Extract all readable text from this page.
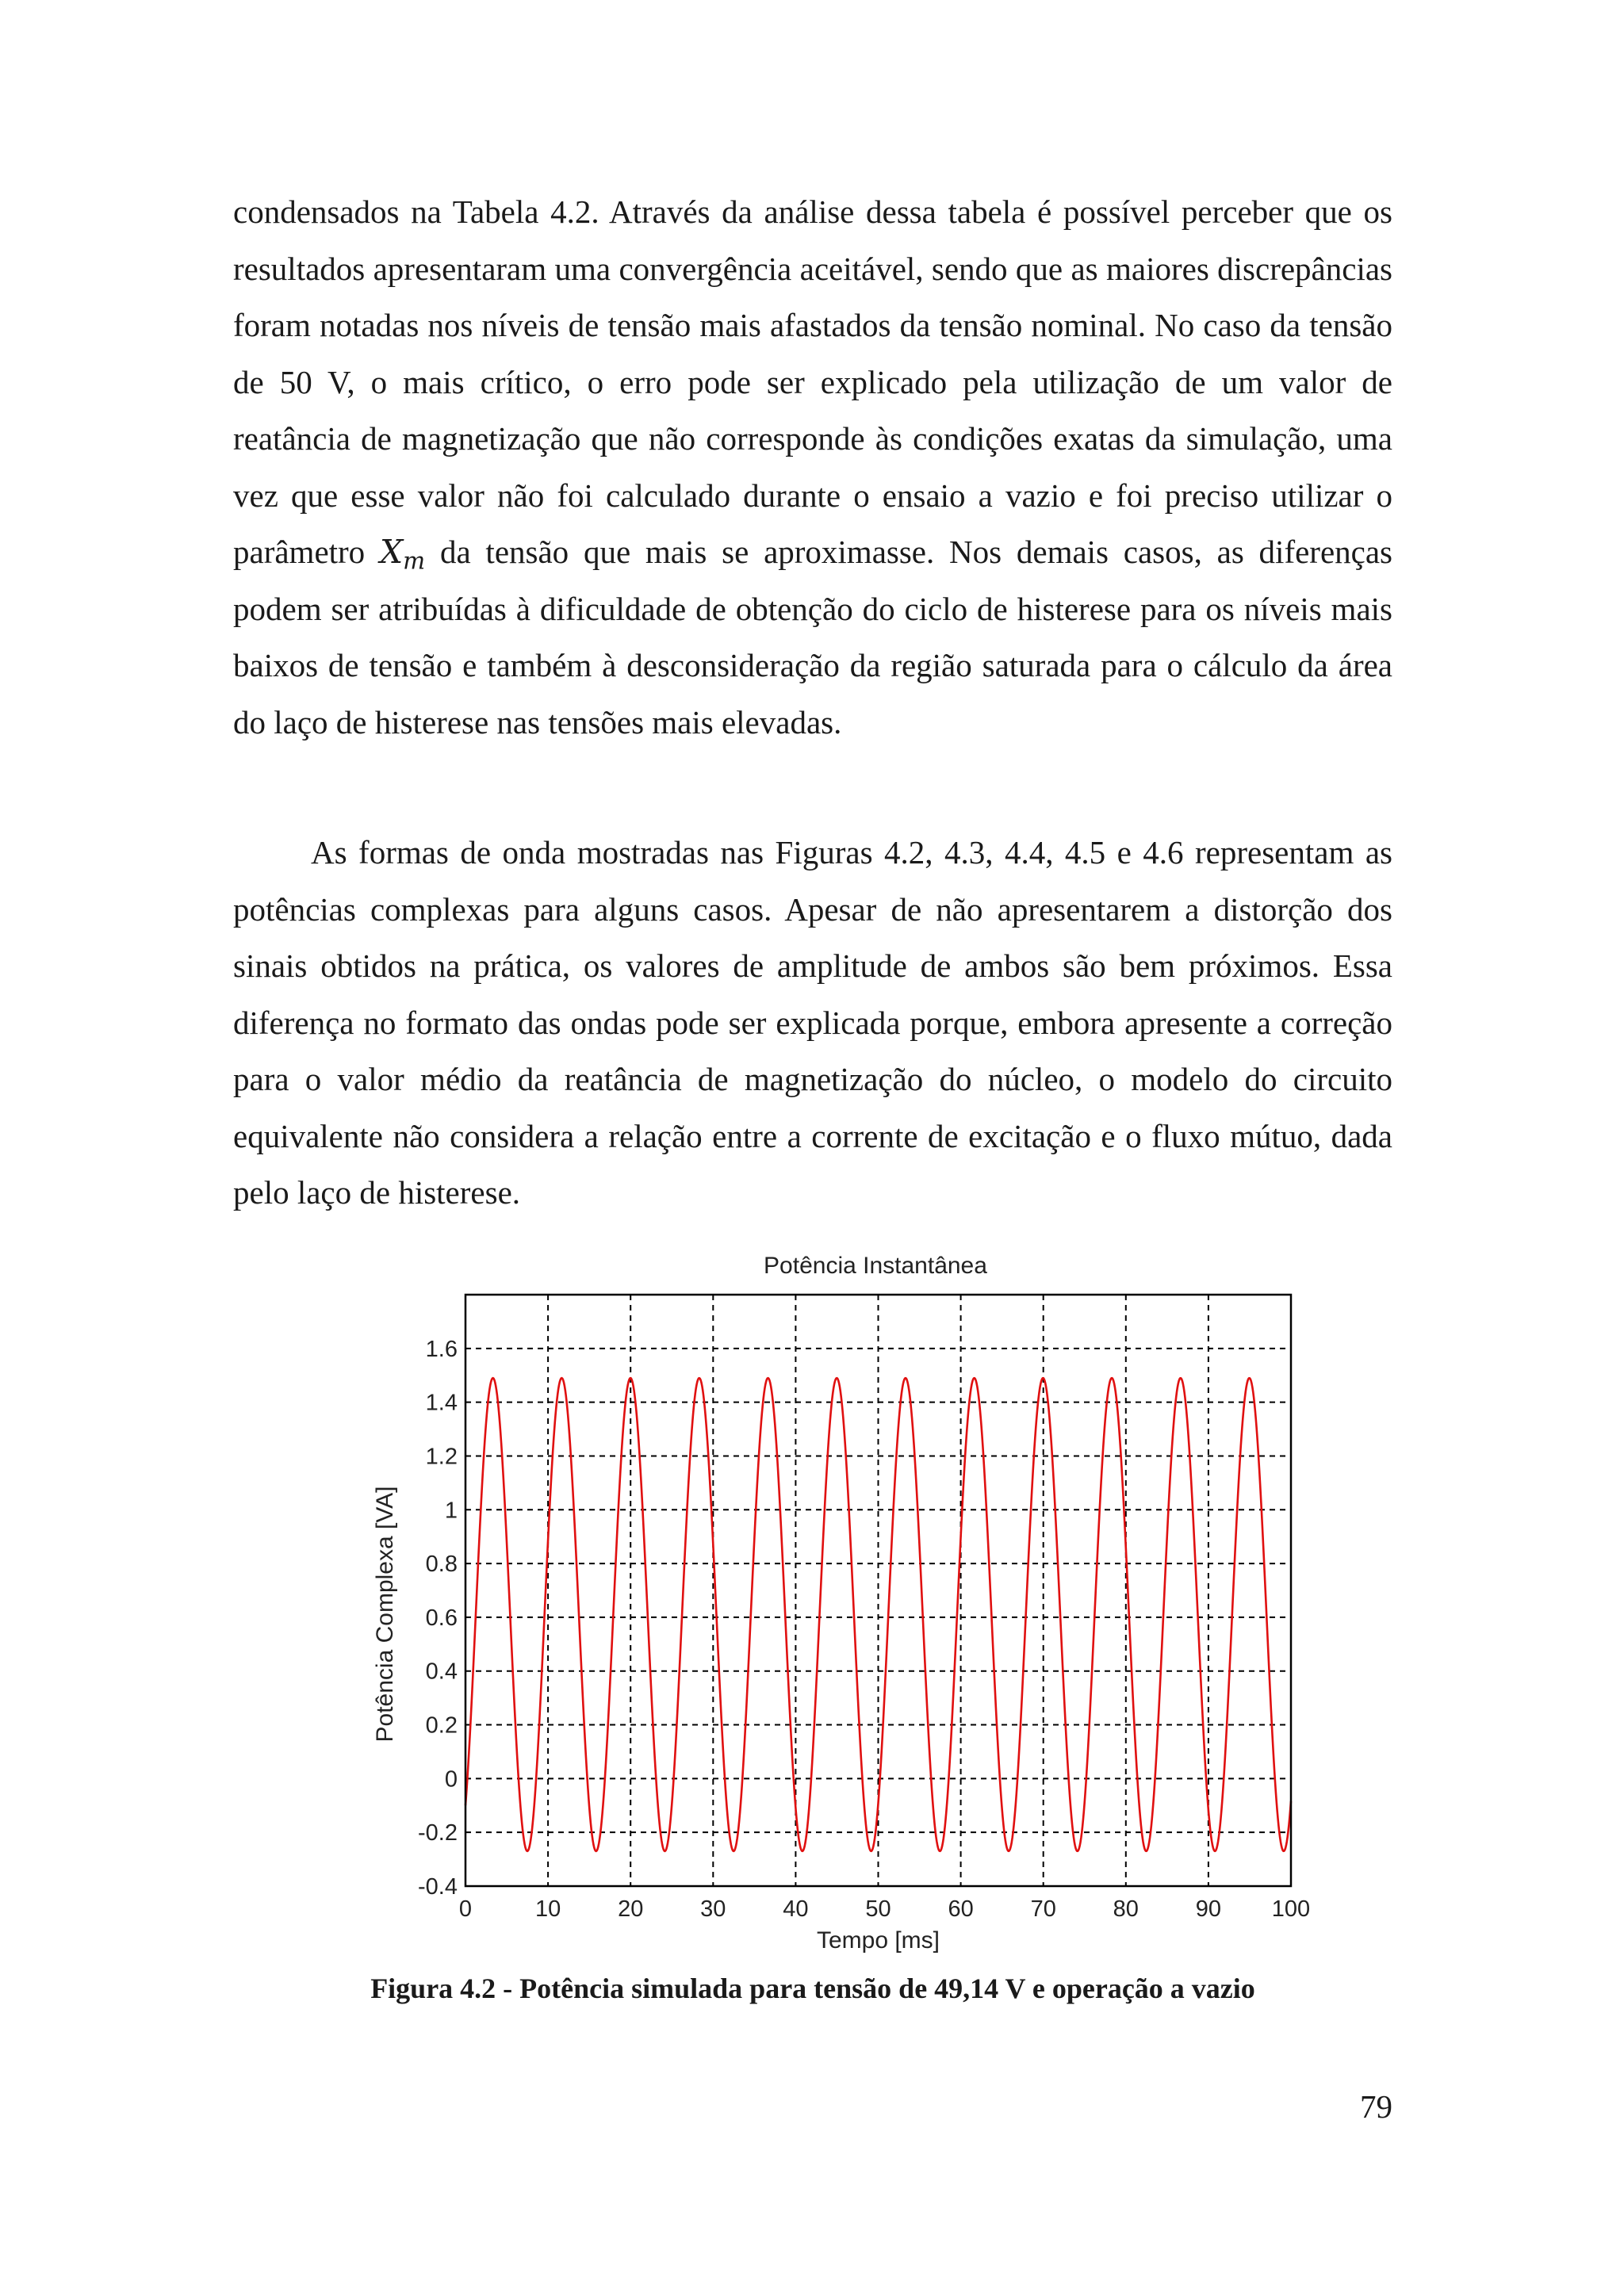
condensados na Tabela 4.2. Através da análise dessa tabela é possível perceber que os resultados apresentaram uma convergência aceitável, sendo que as maiores discrepâncias foram notadas nos níveis de tensão mais afastados da tensão nominal. No caso da tensão de 50 V, o mais crítico, o erro pode ser explicado pela utilização de um valor de reatância de magnetização que não corresponde às condições exatas da simulação, uma vez que esse valor não foi calculado durante o ensaio a vazio e foi preciso utilizar o parâmetro $X_m$ da tensão que mais se aproximasse. Nos demais casos, as diferenças podem ser atribuídas à dificuldade de obtenção do ciclo de histerese para os níveis mais baixos de tensão e também à desconsideração da região saturada para o cálculo da área do laço de histerese nas tensões mais elevadas.

As formas de onda mostradas nas Figuras 4.2, 4.3, 4.4, 4.5 e 4.6 representam as potências complexas para alguns casos. Apesar de não apresentarem a distorção dos sinais obtidos na prática, os valores de amplitude de ambos são bem próximos. Essa diferença no formato das ondas pode ser explicada porque, embora apresente a correção para o valor médio da reatância de magnetização do núcleo, o modelo do circuito equivalente não considera a relação entre a corrente de excitação e o fluxo mútuo, dada pelo laço de histerese.

Potência Instantânea
0	10 20 30 40 50 60 70 80 90 100
-0.4
-0.2
0
0.2
0.4
0.6
0.8
1
1.2
1.4
1.6
Tempo [ms]
Potência Complexa [VA]
Figura 4.2 - Potência simulada para tensão de 49,14 V e operação a vazio
79
